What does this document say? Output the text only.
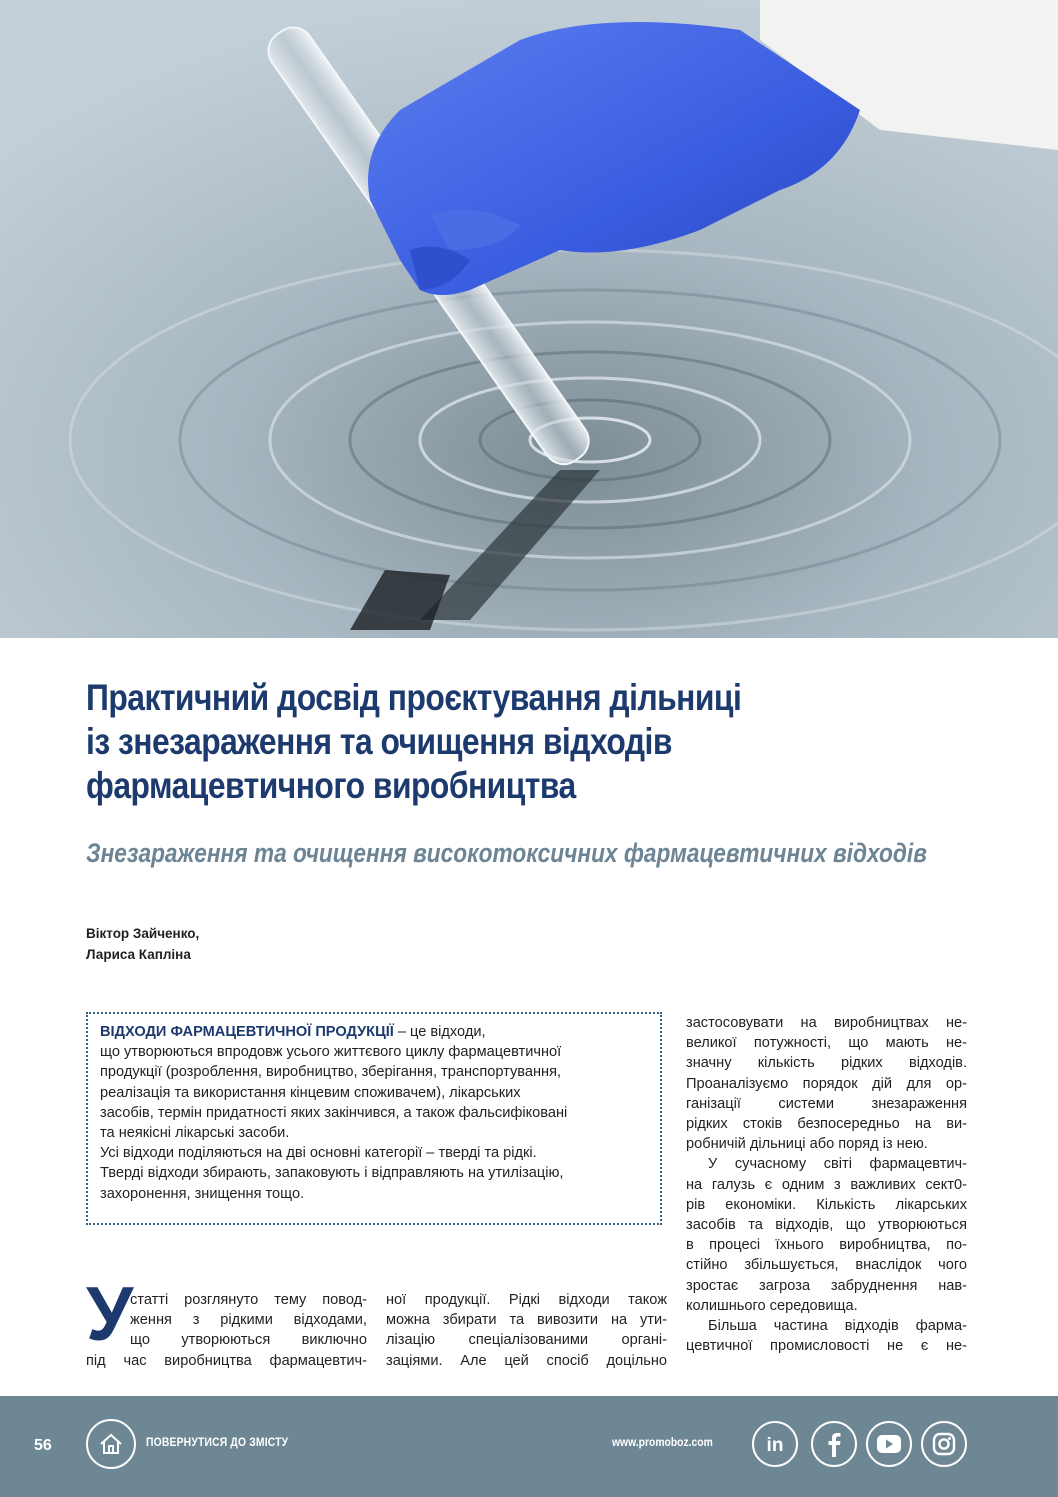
Практичний досвід проєктування дільниці
із знезараження та очищення відходів
фармацевтичного виробництва
Знезараження та очищення високотоксичних фармацевтичних відходів
Віктор Зайченко,
Лариса Капліна

ВІДХОДИ ФАРМАЦЕВТИЧНОЇ ПРОДУКЦІЇ – це відходи,

що утворюються впродовж усього життєвого циклу фармацевтичної

продукції (розроблення, виробництво, зберігання, транспортування,

реалізація та використання кінцевим споживачем), лікарських

засобів, термін придатності яких закінчився, а також фальсифіковані

та неякісні лікарські засоби.

Усі відходи поділяються на дві основні категорії – тверді та рідкі.

Тверді відходи збирають, запаковують і відправляють на утилізацію,

захоронення, знищення тощо.

У
статті розглянуто тему повод-
ження з рідкими відходами,
що утворюються виключно
під час виробництва фармацевтич-
ної продукції. Рідкі відходи також
можна збирати та вивозити на ути-
лізацію спеціалізованими органі-
заціями. Але цей спосіб доцільно
застосовувати на виробництвах не-
великої потужності, що мають не-
значну кількість рідких відходів.
Проаналізуємо порядок дій для ор-
ганізації системи знезараження
рідких стоків безпосередньо на ви-
робничій дільниці або поряд із нею.
У сучасному світі фармацевтич-
на галузь є одним з важливих сект0-
рів економіки. Кількість лікарських
засобів та відходів, що утворюються
в процесі їхнього виробництва, по-
стійно збільшується, внаслідок чого
зростає загроза забруднення нав-
колишнього середовища.
Більша частина відходів фарма-
цевтичної промисловості не є не-
56	ПОВЕРНУТИСЯ ДО ЗМІСТУ	www.promoboz.com	in
